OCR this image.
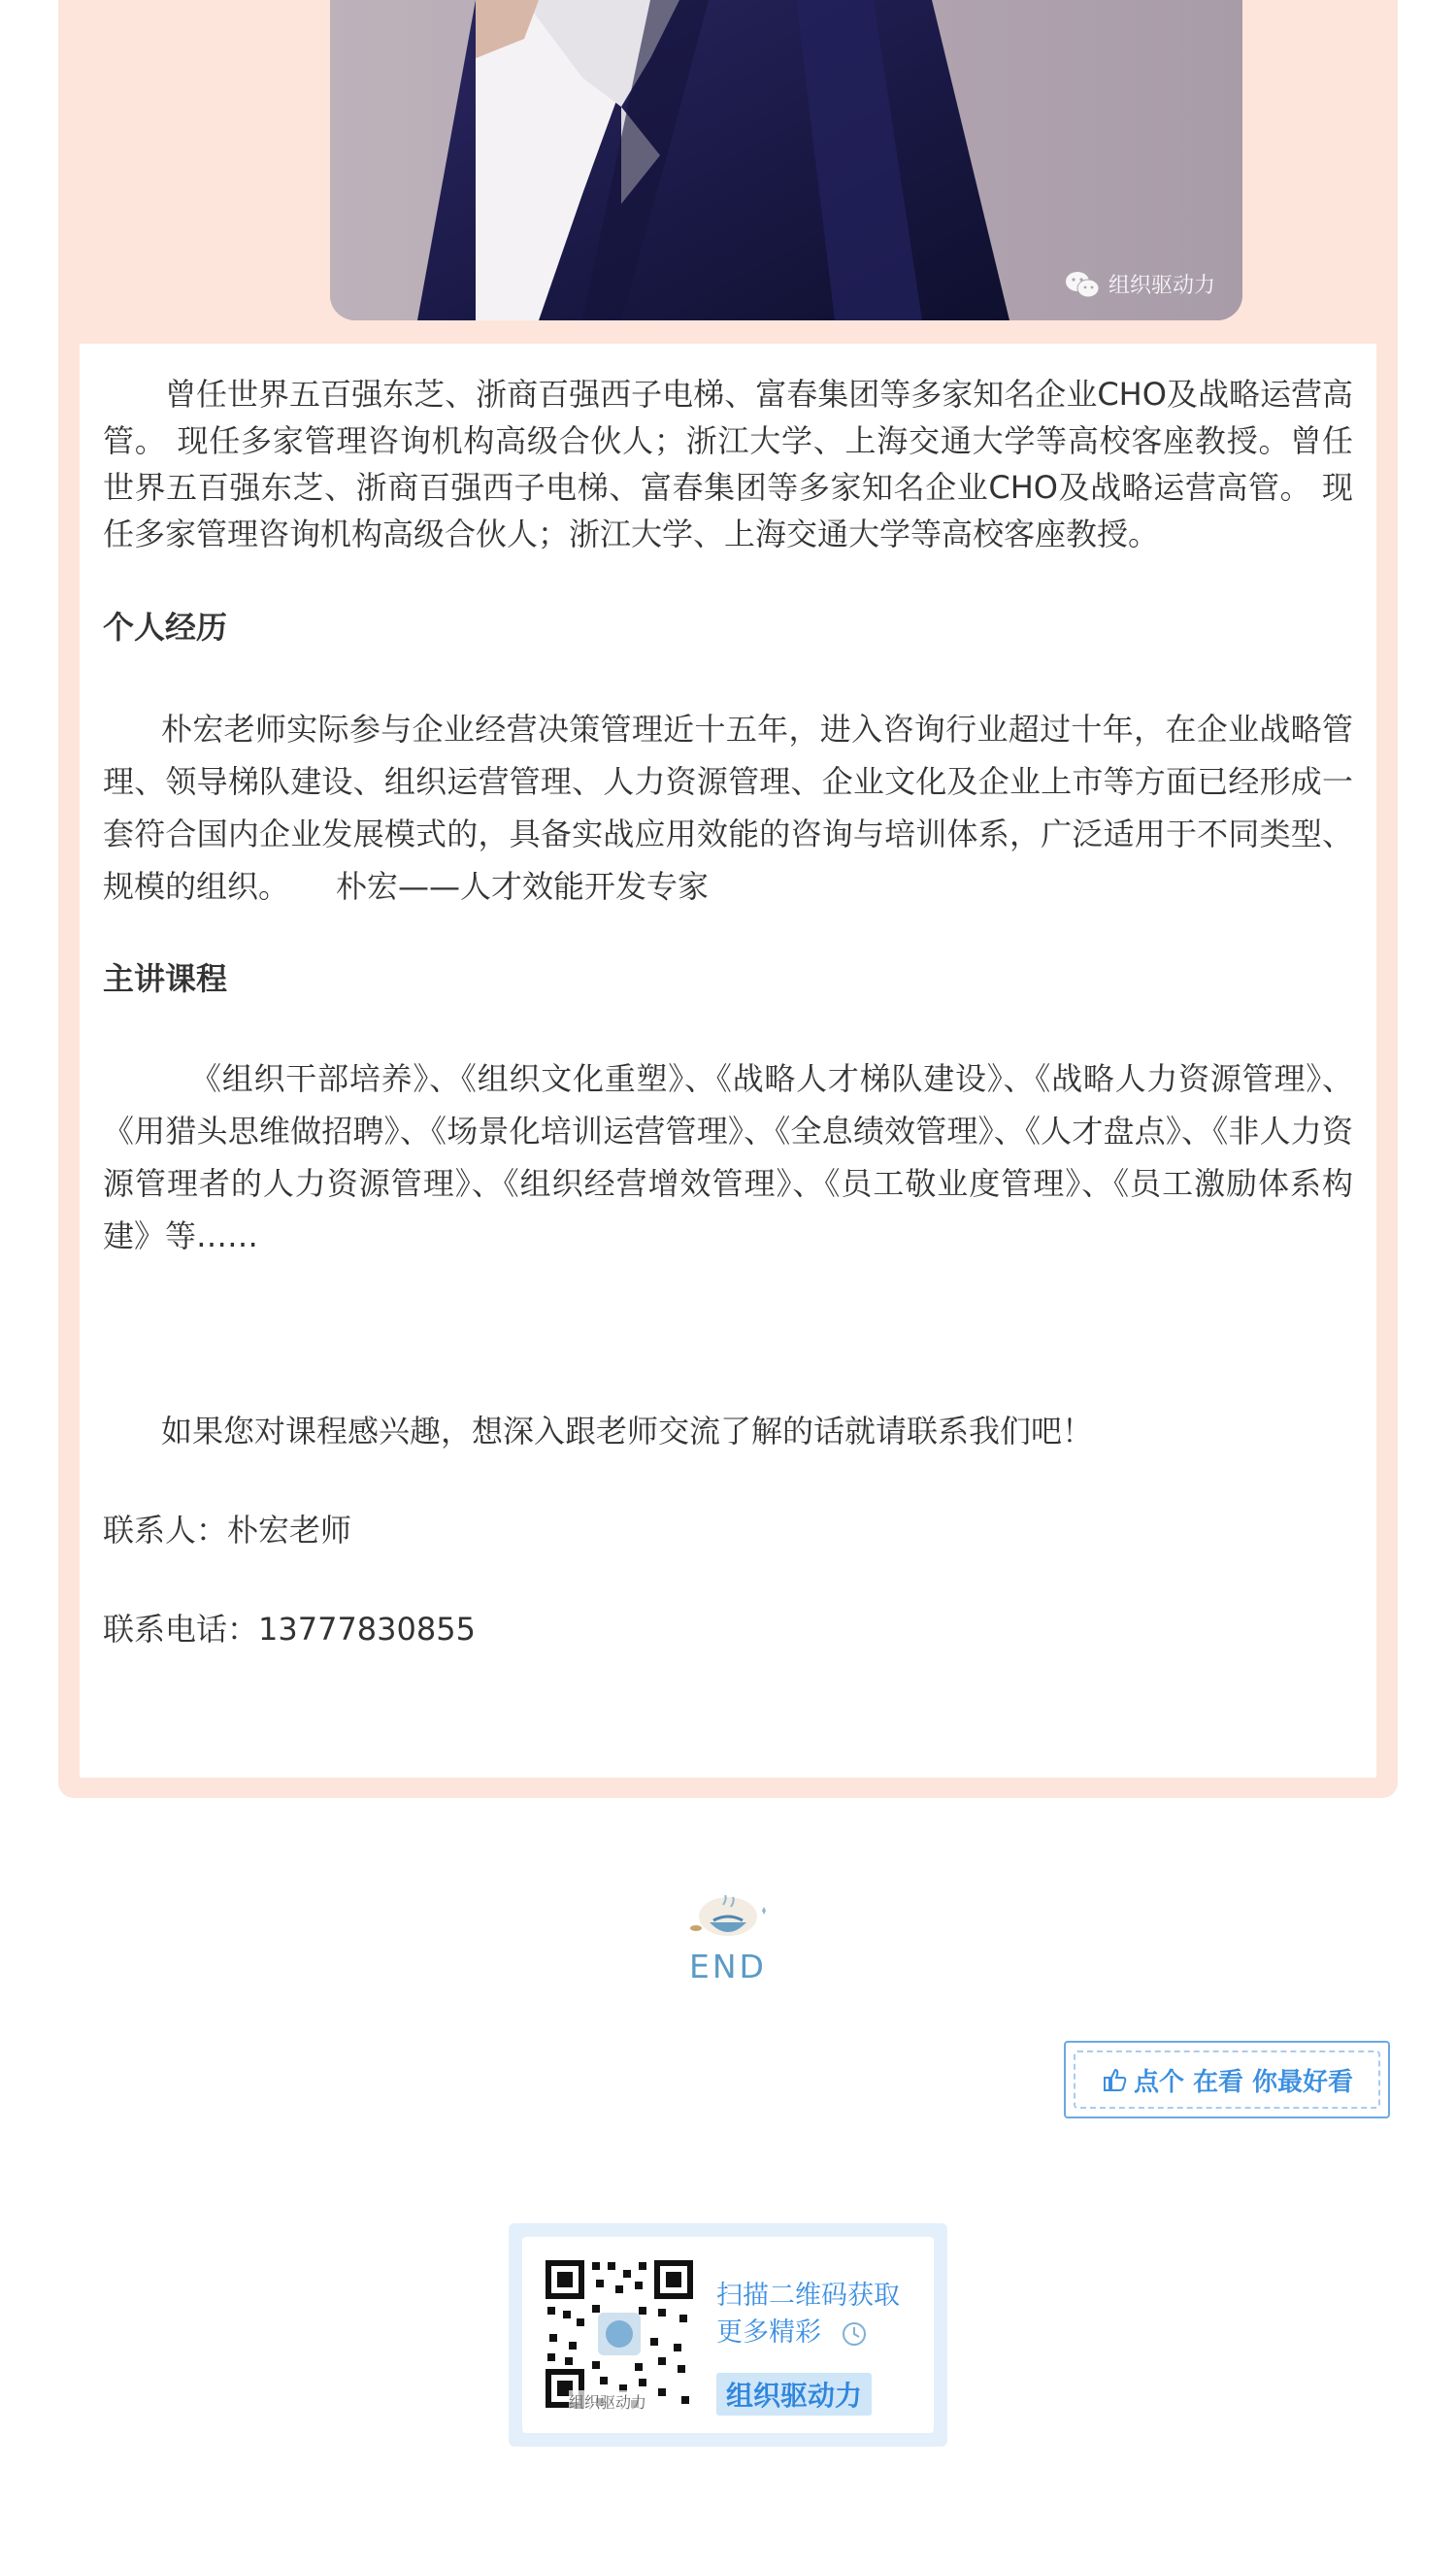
组织驱动力

曾任世界五百强东芝、浙商百强西子电梯、富春集团等多家知名企业CHO及战略运营高管。 现任多家管理咨询机构高级合伙人；浙江大学、上海交通大学等高校客座教授。曾任世界五百强东芝、浙商百强西子电梯、富春集团等多家知名企业CHO及战略运营高管。 现任多家管理咨询机构高级合伙人；浙江大学、上海交通大学等高校客座教授。

个人经历

朴宏老师实际参与企业经营决策管理近十五年，进入咨询行业超过十年，在企业战略管理、领导梯队建设、组织运营管理、人力资源管理、企业文化及企业上市等方面已经形成一套符合国内企业发展模式的，具备实战应用效能的咨询与培训体系，广泛适用于不同类型、规模的组织。　　朴宏——人才效能开发专家

主讲课程

《组织干部培养》、《组织文化重塑》、《战略人才梯队建设》、《战略人力资源管理》、《用猎头思维做招聘》、《场景化培训运营管理》、《全息绩效管理》、《人才盘点》、《非人力资源管理者的人力资源管理》、《组织经营增效管理》、《员工敬业度管理》、《员工激励体系构建》等……

如果您对课程感兴趣，想深入跟老师交流了解的话就请联系我们吧！

联系人：朴宏老师

联系电话：13777830855

END
点个 在看 你最好看
组织驱动力
扫描二维码获取
更多精彩
组织驱动力
